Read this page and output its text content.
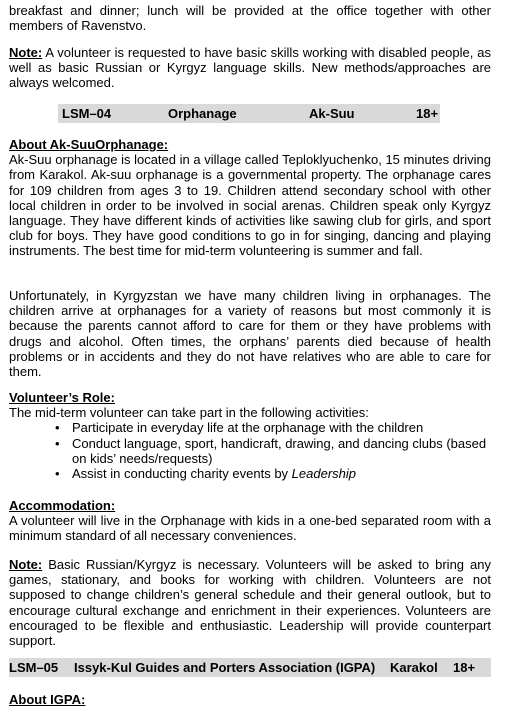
breakfast and dinner; lunch will be provided at the office together with other

members of Ravenstvo.

Note: A volunteer is requested to have basic skills working with disabled people, as well as basic Russian or Kyrgyz language skills. New methods/approaches are always welcomed.

LSM–04	Orphanage	Ak-Suu	18+

About Ak-SuuOrphanage:

Ak-Suu orphanage is located in a village called Teploklyuchenko, 15 minutes driving from Karakol. Ak-suu orphanage is a governmental property. The orphanage cares for 109 children from ages 3 to 19. Children attend secondary school with other local children in order to be involved in social arenas. Children speak only Kyrgyz language. They have different kinds of activities like sawing club for girls, and sport club for boys. They have good conditions to go in for singing, dancing and playing instruments. The best time for mid-term volunteering is summer and fall.

Unfortunately, in Kyrgyzstan we have many children living in orphanages. The children arrive at orphanages for a variety of reasons but most commonly it is because the parents cannot afford to care for them or they have problems with drugs and alcohol. Often times, the orphans’ parents died because of health problems or in accidents and they do not have relatives who are able to care for them.

Volunteer’s Role:

The mid-term volunteer can take part in the following activities:

• Participate in everyday life at the orphanage with the children
• Conduct language, sport, handicraft, drawing, and dancing clubs (based on kids’ needs/requests)
• Assist in conducting charity events by Leadership

Accommodation:

A volunteer will live in the Orphanage with kids in a one-bed separated room with a minimum standard of all necessary conveniences.

Note: Basic Russian/Kyrgyz is necessary. Volunteers will be asked to bring any games, stationary, and books for working with children. Volunteers are not supposed to change children’s general schedule and their general outlook, but to encourage cultural exchange and enrichment in their experiences. Volunteers are encouraged to be flexible and enthusiastic. Leadership will provide counterpart support.

LSM–05 Issyk-Kul Guides and Porters Association (IGPA) Karakol 18+

About IGPA:
